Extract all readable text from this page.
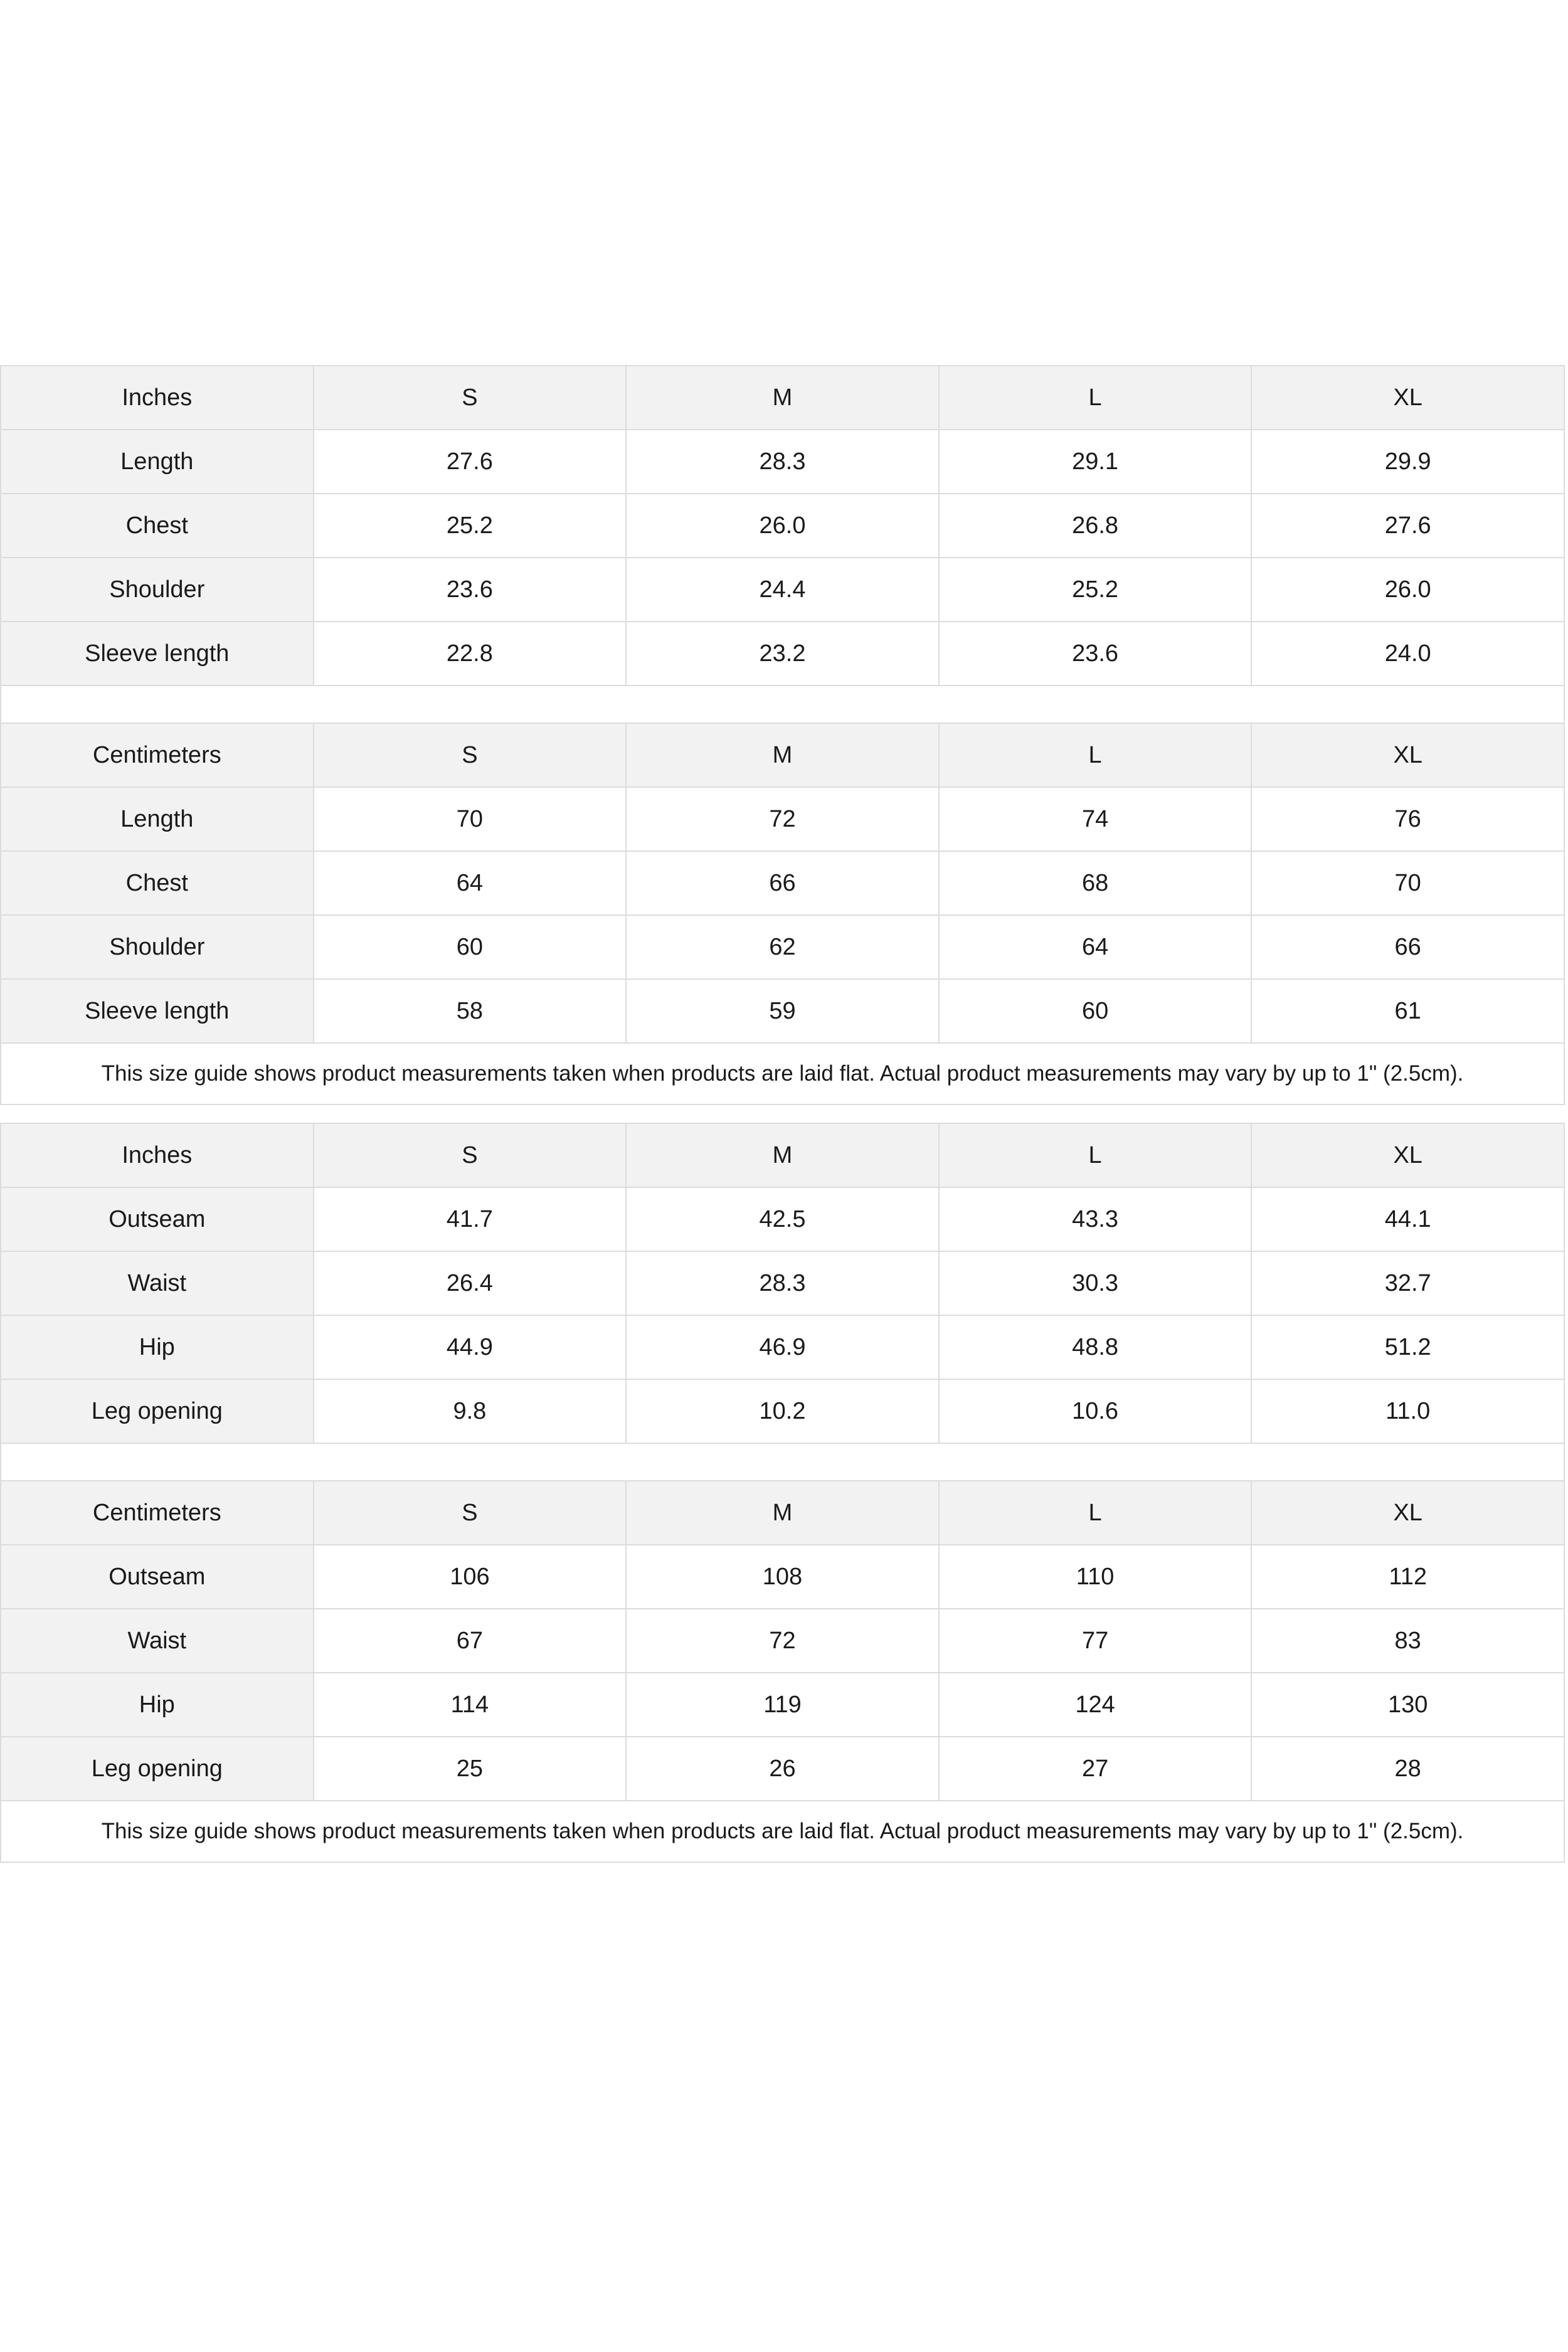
Inches	S	M	L	XL
Length	27.6	28.3	29.1	29.9
Chest	25.2	26.0	26.8	27.6
Shoulder	23.6	24.4	25.2	26.0
Sleeve length	22.8	23.2	23.6	24.0

Centimeters	S	M	L	XL
Length	70	72	74	76
Chest	64	66	68	70
Shoulder	60	62	64	66
Sleeve length	58	59	60	61
This size guide shows product measurements taken when products are laid flat. Actual product measurements may vary by up to 1" (2.5cm).
Inches	S	M	L	XL
Outseam	41.7	42.5	43.3	44.1
Waist	26.4	28.3	30.3	32.7
Hip	44.9	46.9	48.8	51.2
Leg opening	9.8	10.2	10.6	11.0

Centimeters	S	M	L	XL
Outseam	106	108	110	112
Waist	67	72	77	83
Hip	114	119	124	130
Leg opening	25	26	27	28
This size guide shows product measurements taken when products are laid flat. Actual product measurements may vary by up to 1" (2.5cm).
